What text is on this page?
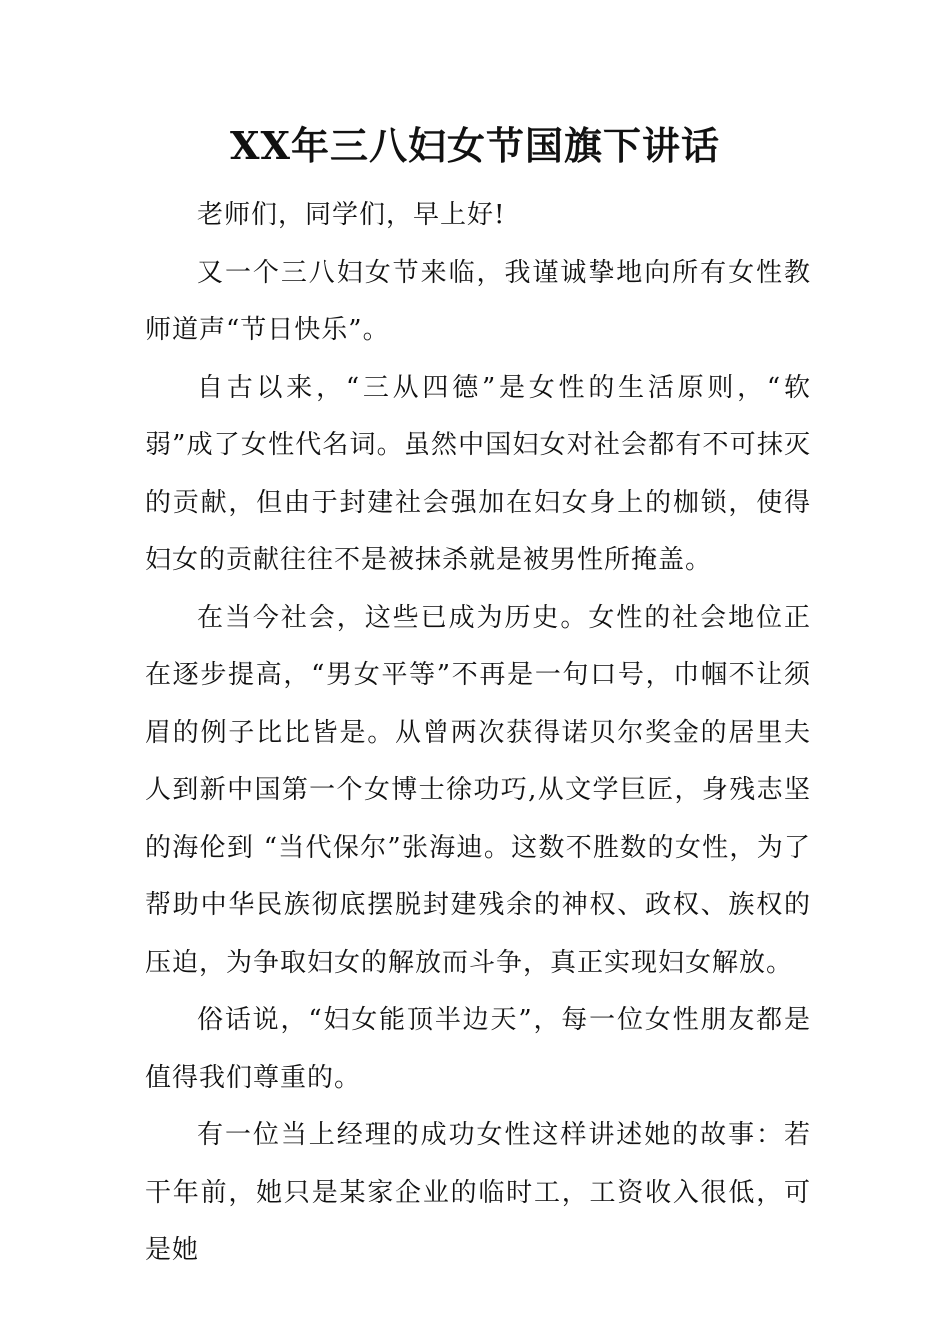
XX年三八妇女节国旗下讲话

老师们，同学们，早上好!

又一个三八妇女节来临，我谨诚挚地向所有女性教师道声“节日快乐”。

自古以来，“三从四德”是女性的生活原则，“软弱”成了女性代名词。虽然中国妇女对社会都有不可抹灭的贡献，但由于封建社会强加在妇女身上的枷锁，使得妇女的贡献往往不是被抹杀就是被男性所掩盖。

在当今社会，这些已成为历史。女性的社会地位正在逐步提高，“男女平等”不再是一句口号，巾帼不让须眉的例子比比皆是。从曾两次获得诺贝尔奖金的居里夫人到新中国第一个女博士徐功巧,从文学巨匠，身残志坚的海伦到 “当代保尔”张海迪。这数不胜数的女性，为了帮助中华民族彻底摆脱封建残余的神权、政权、族权的压迫，为争取妇女的解放而斗争，真正实现妇女解放。

俗话说，“妇女能顶半边天”，每一位女性朋友都是值得我们尊重的。

有一位当上经理的成功女性这样讲述她的故事：若干年前，她只是某家企业的临时工，工资收入很低，可是她
